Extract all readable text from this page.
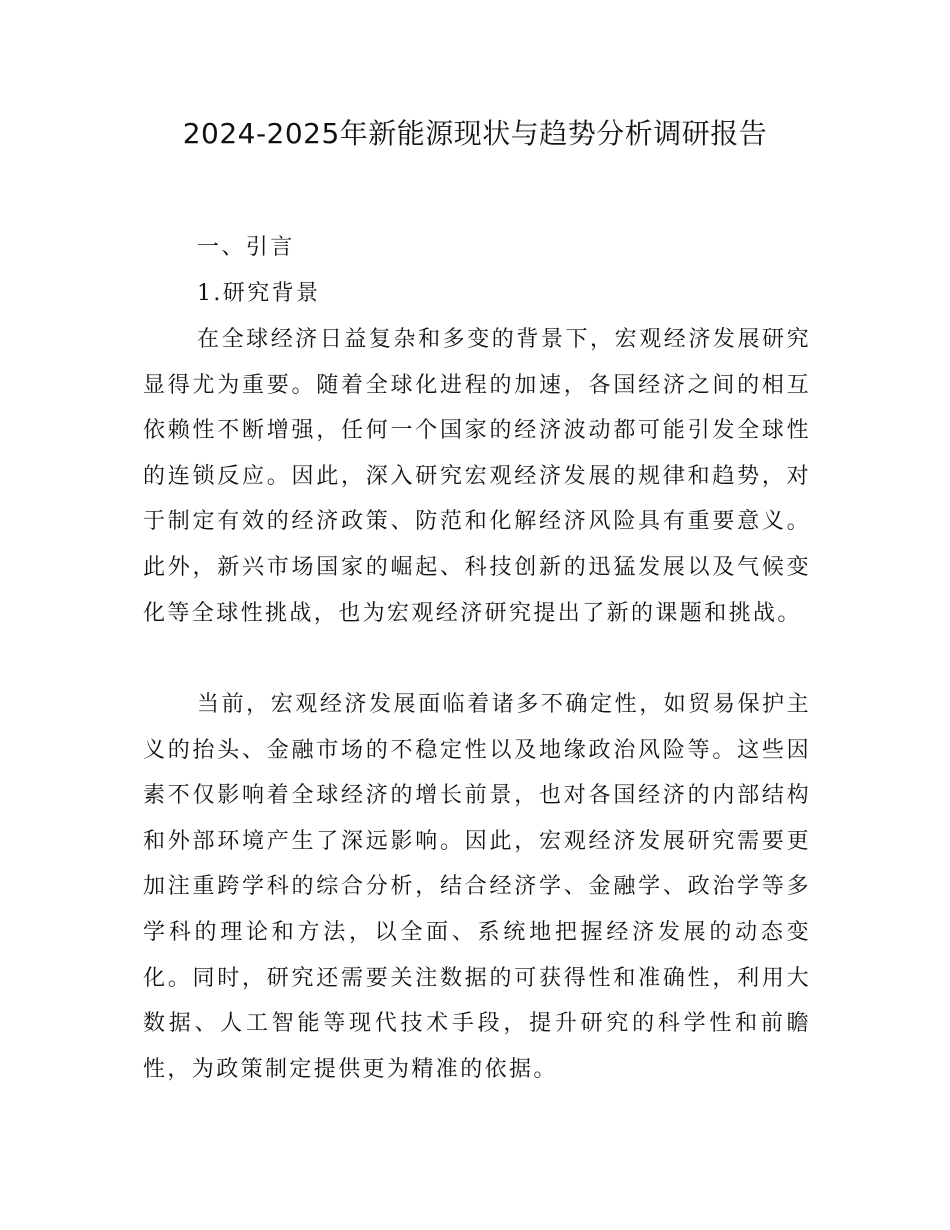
2024-2025年新能源现状与趋势分析调研报告

一、引言

1.研究背景

在全球经济日益复杂和多变的背景下，宏观经济发展研究显得尤为重要。随着全球化进程的加速，各国经济之间的相互依赖性不断增强，任何一个国家的经济波动都可能引发全球性的连锁反应。因此，深入研究宏观经济发展的规律和趋势，对于制定有效的经济政策、防范和化解经济风险具有重要意义。此外，新兴市场国家的崛起、科技创新的迅猛发展以及气候变化等全球性挑战，也为宏观经济研究提出了新的课题和挑战。

当前，宏观经济发展面临着诸多不确定性，如贸易保护主义的抬头、金融市场的不稳定性以及地缘政治风险等。这些因素不仅影响着全球经济的增长前景，也对各国经济的内部结构和外部环境产生了深远影响。因此，宏观经济发展研究需要更加注重跨学科的综合分析，结合经济学、金融学、政治学等多学科的理论和方法，以全面、系统地把握经济发展的动态变化。同时，研究还需要关注数据的可获得性和准确性，利用大数据、人工智能等现代技术手段，提升研究的科学性和前瞻性，为政策制定提供更为精准的依据。
